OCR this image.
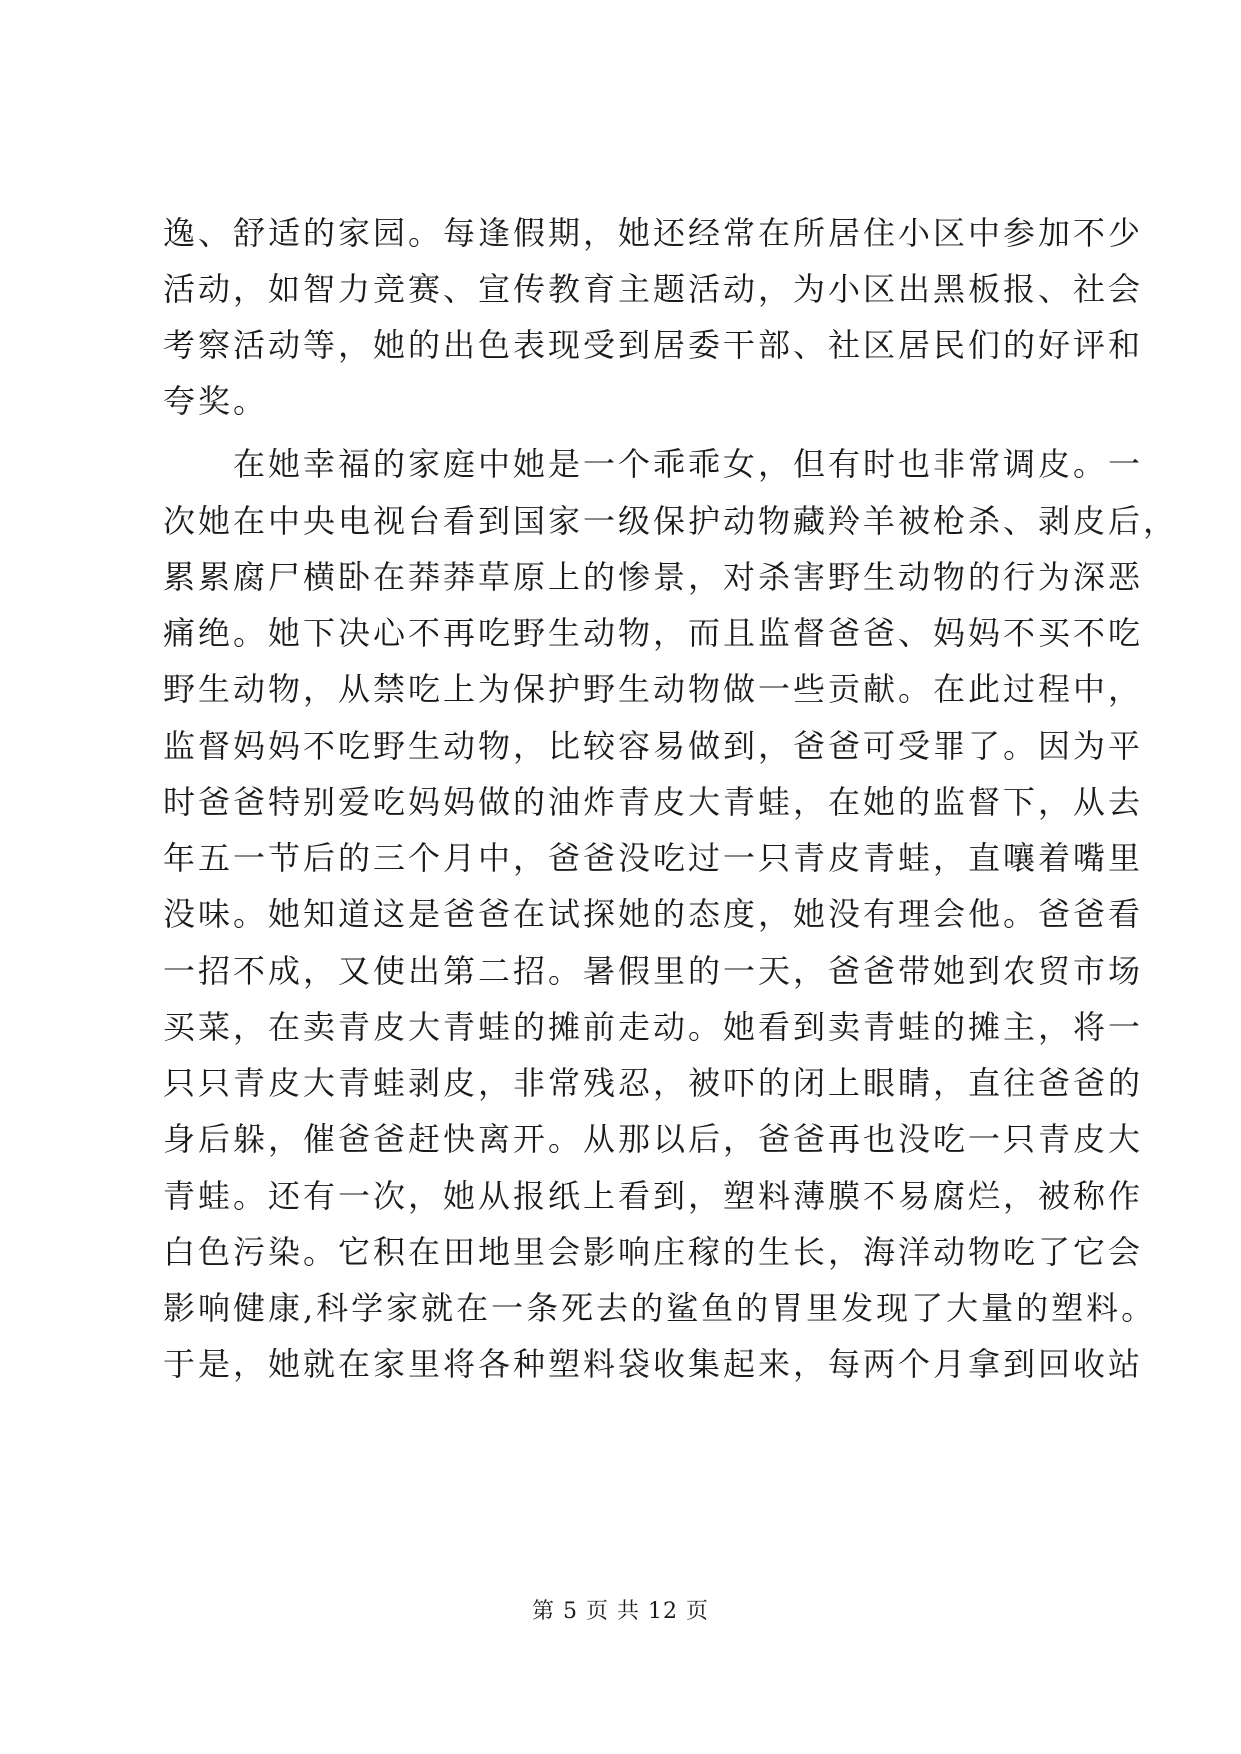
逸、舒适的家园。每逢假期，她还经常在所居住小区中参加不少
活动，如智力竞赛、宣传教育主题活动，为小区出黑板报、社会
考察活动等，她的出色表现受到居委干部、社区居民们的好评和
夸奖。
在她幸福的家庭中她是一个乖乖女，但有时也非常调皮。一
次她在中央电视台看到国家一级保护动物藏羚羊被枪杀、剥皮后，
累累腐尸横卧在莽莽草原上的惨景，对杀害野生动物的行为深恶
痛绝。她下决心不再吃野生动物，而且监督爸爸、妈妈不买不吃
野生动物，从禁吃上为保护野生动物做一些贡献。在此过程中，
监督妈妈不吃野生动物，比较容易做到，爸爸可受罪了。因为平
时爸爸特别爱吃妈妈做的油炸青皮大青蛙，在她的监督下，从去
年五一节后的三个月中，爸爸没吃过一只青皮青蛙，直嚷着嘴里
没味。她知道这是爸爸在试探她的态度，她没有理会他。爸爸看
一招不成，又使出第二招。暑假里的一天，爸爸带她到农贸市场
买菜，在卖青皮大青蛙的摊前走动。她看到卖青蛙的摊主，将一
只只青皮大青蛙剥皮，非常残忍，被吓的闭上眼睛，直往爸爸的
身后躲，催爸爸赶快离开。从那以后，爸爸再也没吃一只青皮大
青蛙。还有一次，她从报纸上看到，塑料薄膜不易腐烂，被称作
白色污染。它积在田地里会影响庄稼的生长，海洋动物吃了它会
影响健康,科学家就在一条死去的鲨鱼的胃里发现了大量的塑料。
于是，她就在家里将各种塑料袋收集起来，每两个月拿到回收站
第 5 页 共 12 页
